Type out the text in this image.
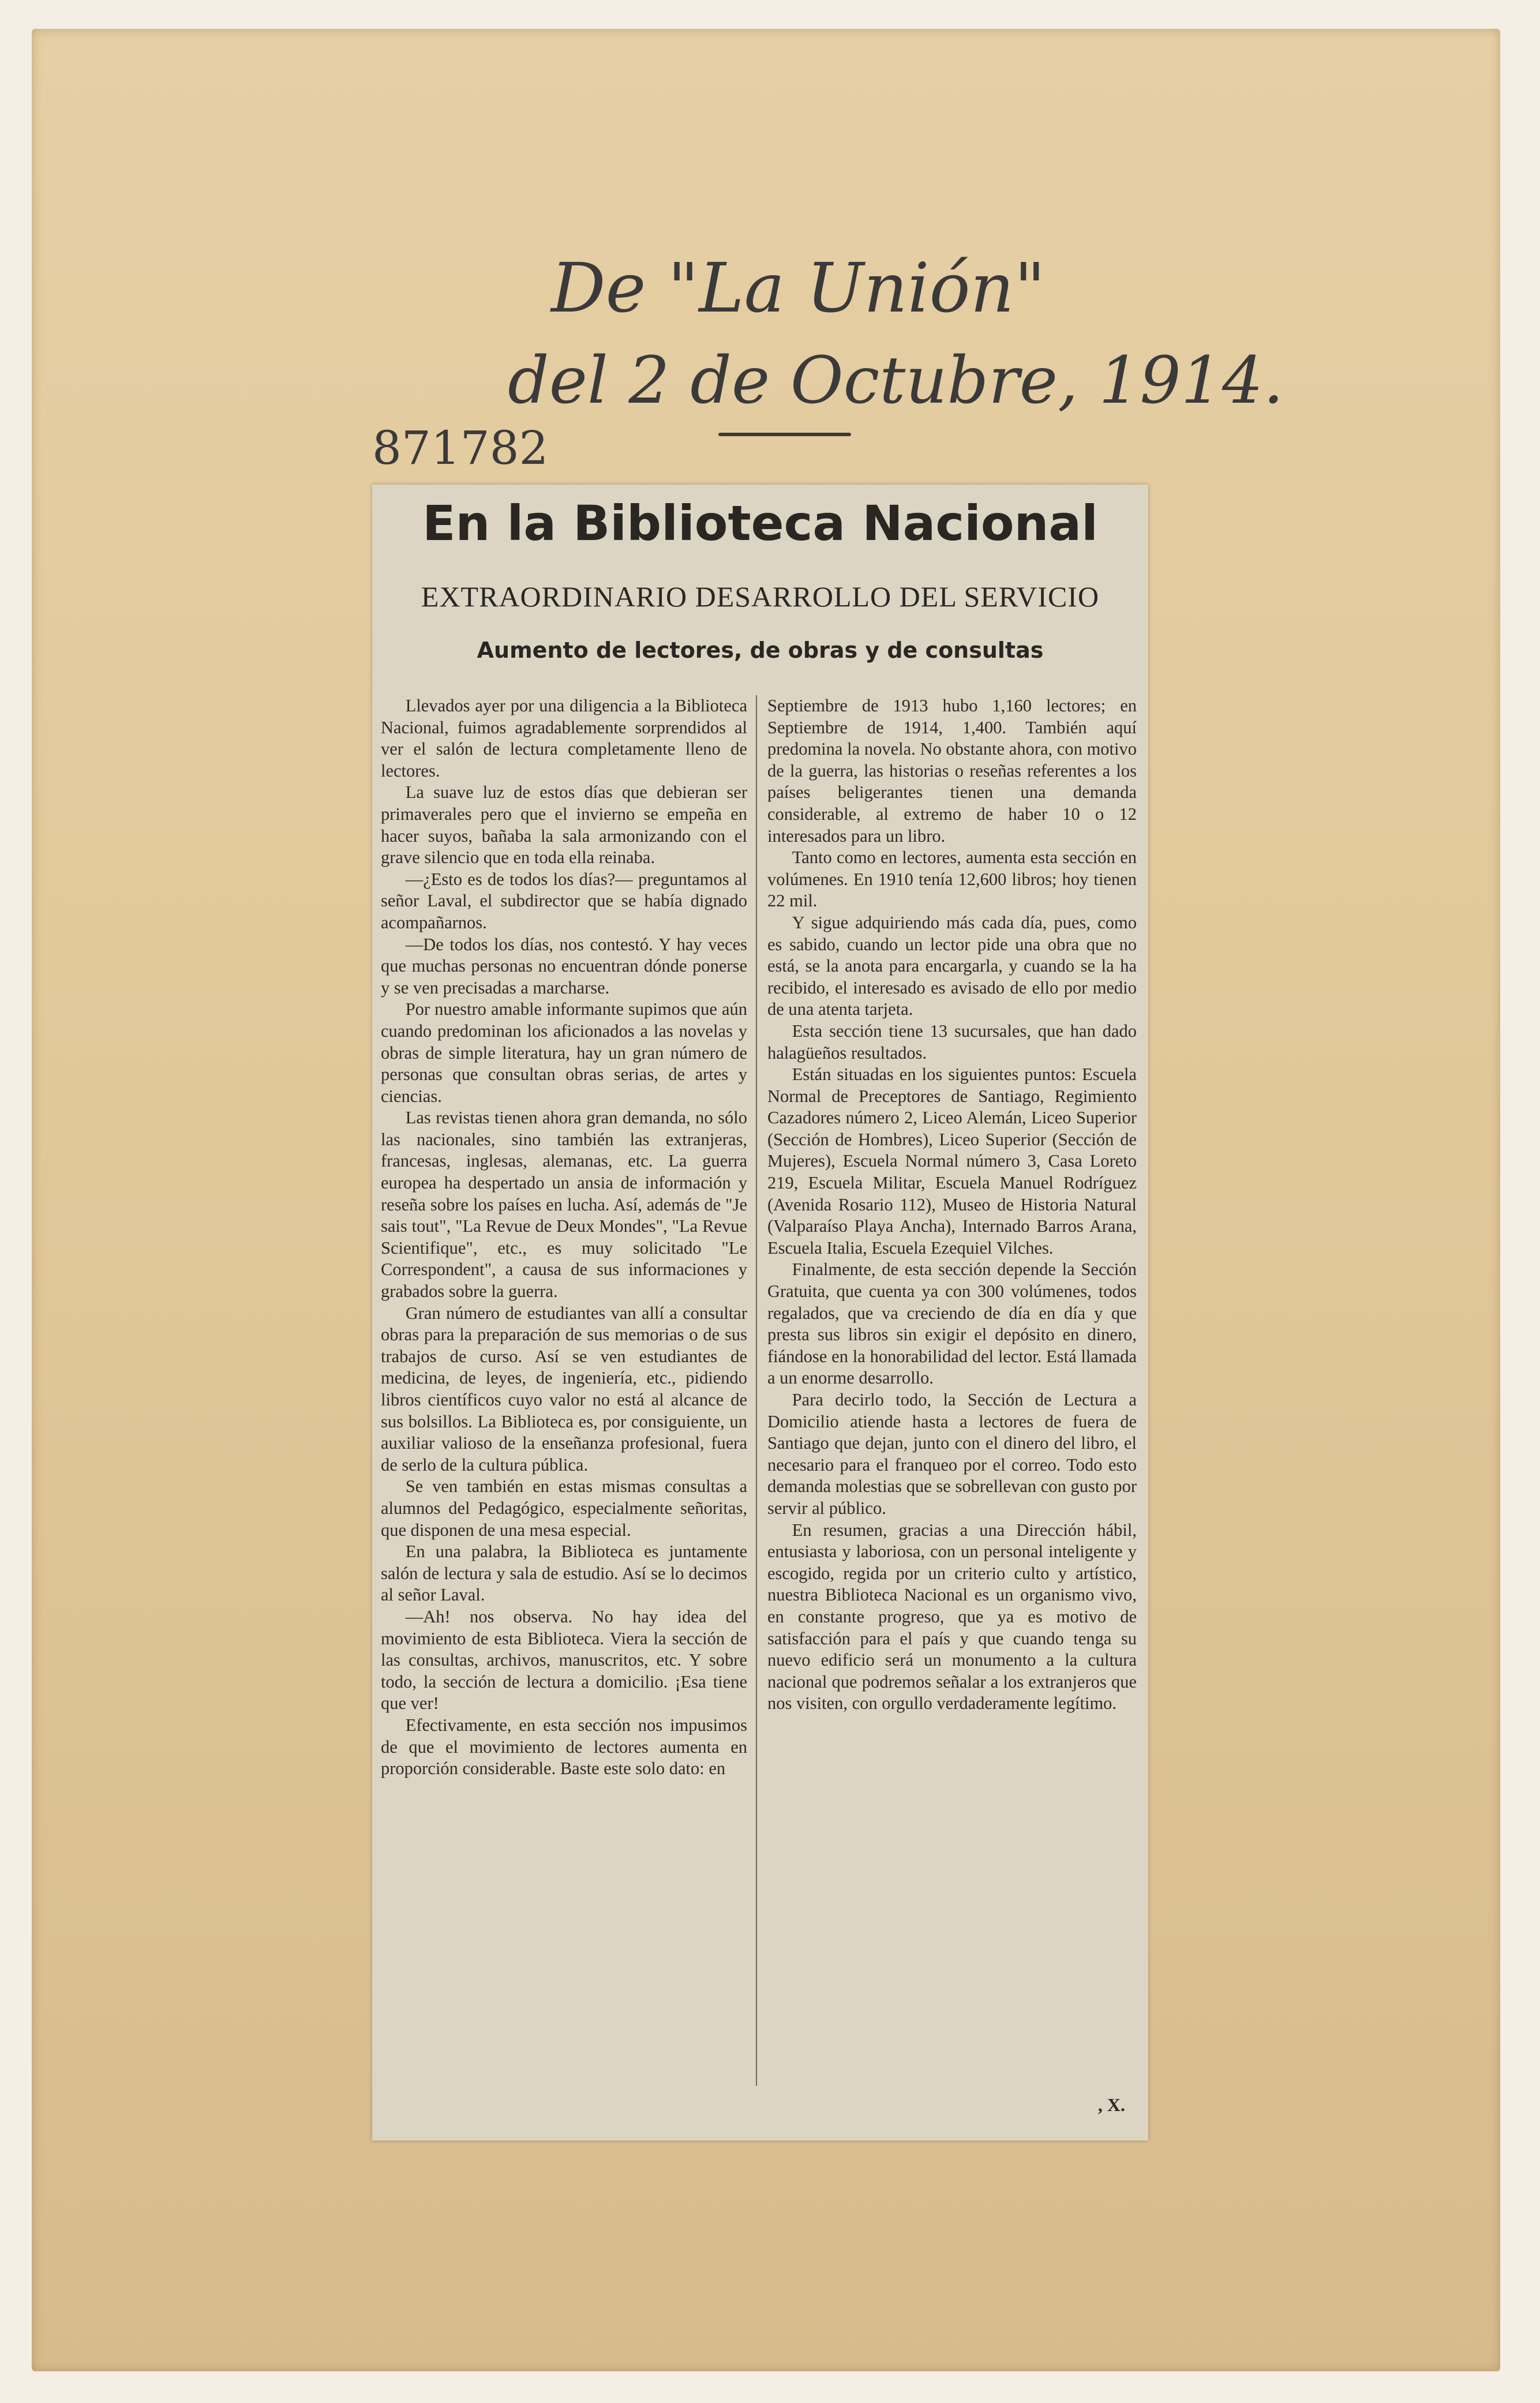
De "La Unión"
del 2 de Octubre, 1914.
871782
En la Biblioteca Nacional
EXTRAORDINARIO DESARROLLO DEL SERVICIO
Aumento de lectores, de obras y de consultas

Llevados ayer por una diligencia a la Biblioteca Nacional, fuimos agradablemente sorprendidos al ver el salón de lectura completamente lleno de lectores.

La suave luz de estos días que debieran ser primaverales pero que el invierno se empeña en hacer suyos, bañaba la sala armonizando con el grave silencio que en toda ella reinaba.

—¿Esto es de todos los días?— preguntamos al señor Laval, el subdirector que se había dignado acompañarnos.

—De todos los días, nos contestó. Y hay veces que muchas personas no encuentran dónde ponerse y se ven precisadas a marcharse.

Por nuestro amable informante supimos que aún cuando predominan los aficionados a las novelas y obras de simple literatura, hay un gran número de personas que consultan obras serias, de artes y ciencias.

Las revistas tienen ahora gran demanda, no sólo las nacionales, sino también las extranjeras, francesas, inglesas, alemanas, etc. La guerra europea ha despertado un ansia de información y reseña sobre los países en lucha. Así, además de "Je sais tout", "La Revue de Deux Mondes", "La Revue Scientifique", etc., es muy solicitado "Le Correspondent", a causa de sus informaciones y grabados sobre la guerra.

Gran número de estudiantes van allí a consultar obras para la preparación de sus memorias o de sus trabajos de curso. Así se ven estudiantes de medicina, de leyes, de ingeniería, etc., pidiendo libros científicos cuyo valor no está al alcance de sus bolsillos. La Biblioteca es, por consiguiente, un auxiliar valioso de la enseñanza profesional, fuera de serlo de la cultura pública.

Se ven también en estas mismas consultas a alumnos del Pedagógico, especialmente señoritas, que disponen de una mesa especial.

En una palabra, la Biblioteca es juntamente salón de lectura y sala de estudio. Así se lo decimos al señor Laval.

—Ah! nos observa. No hay idea del movimiento de esta Biblioteca. Viera la sección de las consultas, archivos, manuscritos, etc. Y sobre todo, la sección de lectura a domicilio. ¡Esa tiene que ver!

Efectivamente, en esta sección nos impusimos de que el movimiento de lectores aumenta en proporción considerable. Baste este solo dato: en

Septiembre de 1913 hubo 1,160 lectores; en Septiembre de 1914, 1,400. También aquí predomina la novela. No obstante ahora, con motivo de la guerra, las historias o reseñas referentes a los países beligerantes tienen una demanda considerable, al extremo de haber 10 o 12 interesados para un libro.

Tanto como en lectores, aumenta esta sección en volúmenes. En 1910 tenía 12,600 libros; hoy tienen 22 mil.

Y sigue adquiriendo más cada día, pues, como es sabido, cuando un lector pide una obra que no está, se la anota para encargarla, y cuando se la ha recibido, el interesado es avisado de ello por medio de una atenta tarjeta.

Esta sección tiene 13 sucursales, que han dado halagüeños resultados.

Están situadas en los siguientes puntos: Escuela Normal de Preceptores de Santiago, Regimiento Cazadores número 2, Liceo Alemán, Liceo Superior (Sección de Hombres), Liceo Superior (Sección de Mujeres), Escuela Normal número 3, Casa Loreto 219, Escuela Militar, Escuela Manuel Rodríguez (Avenida Rosario 112), Museo de Historia Natural (Valparaíso Playa Ancha), Internado Barros Arana, Escuela Italia, Escuela Ezequiel Vilches.

Finalmente, de esta sección depende la Sección Gratuita, que cuenta ya con 300 volúmenes, todos regalados, que va creciendo de día en día y que presta sus libros sin exigir el depósito en dinero, fiándose en la honorabilidad del lector. Está llamada a un enorme desarrollo.

Para decirlo todo, la Sección de Lectura a Domicilio atiende hasta a lectores de fuera de Santiago que dejan, junto con el dinero del libro, el necesario para el franqueo por el correo. Todo esto demanda molestias que se sobrellevan con gusto por servir al público.

En resumen, gracias a una Dirección hábil, entusiasta y laboriosa, con un personal inteligente y escogido, regida por un criterio culto y artístico, nuestra Biblioteca Nacional es un organismo vivo, en constante progreso, que ya es motivo de satisfacción para el país y que cuando tenga su nuevo edificio será un monumento a la cultura nacional que podremos señalar a los extranjeros que nos visiten, con orgullo verdaderamente legítimo.

, X.
